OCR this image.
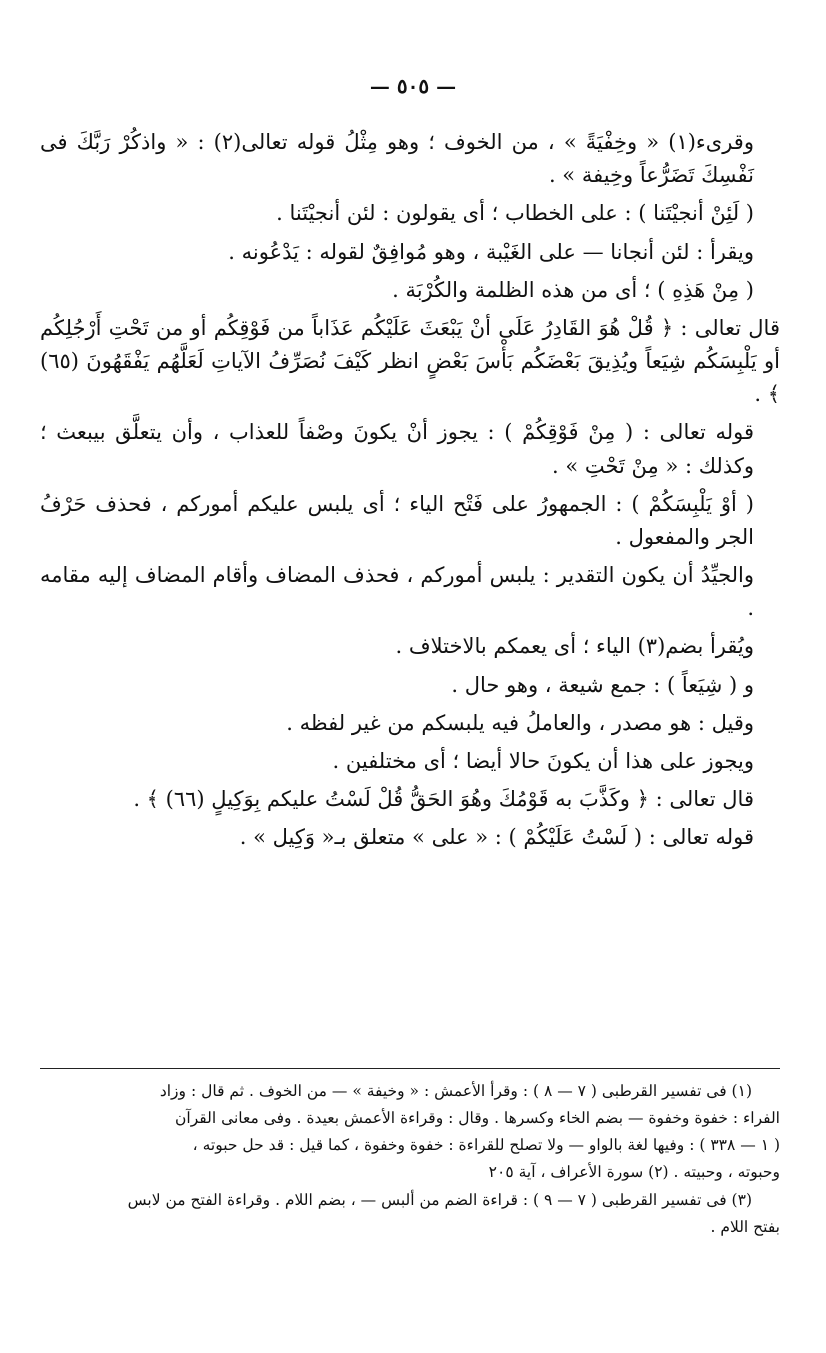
— ٥٠٥ —

وقرىء(١) « وخِفْيَةً » ، من الخوف ؛ وهو مِثْلُ قوله تعالى(٢) : « واذكُرْ رَبَّكَ فى نَفْسِكَ تَضَرُّعاً وخِيفة » .

( لَئِنْ أنجيْتَنا ) : على الخطاب ؛ أى يقولون : لئن أنجيْتَنا .

ويقرأ : لئن أنجانا — على الغَيْبة ، وهو مُوافِقٌ لقوله : يَدْعُونه .

( مِنْ هَذِهِ ) ؛ أى من هذه الظلمة والكُرْبَة .

قال تعالى : ﴿ قُلْ هُوَ القَادِرُ عَلَى أنْ يَبْعَثَ عَلَيْكُم عَذَاباً من فَوْقِكُم أو من تَحْتِ أَرْجُلِكُم أو يَلْبِسَكُم شِيَعاً ويُذِيقَ بَعْضَكُم بَأْسَ بَعْضٍ انظر كَيْفَ نُصَرِّفُ الآياتِ لَعَلَّهُم يَفْقَهُونَ (٦٥) ﴾ .

قوله تعالى : ( مِنْ فَوْقِكُمْ ) : يجوز أنْ يكونَ وصْفاً للعذاب ، وأن يتعلَّق بيبعث ؛ وكذلك : « مِنْ تَحْتِ » .

( أوْ يَلْبِسَكُمْ ) : الجمهورُ على فَتْح الياء ؛ أى يلبس عليكم أموركم ، فحذف حَرْفُ الجر والمفعول .

والجيِّدُ أن يكون التقدير : يلبس أموركم ، فحذف المضاف وأقام المضاف إليه مقامه .

ويُقرأ بضم(٣) الياء ؛ أى يعمكم بالاختلاف .

و ( شِيَعاً ) : جمع شيعة ، وهو حال .

وقيل : هو مصدر ، والعاملُ فيه يلبسكم من غير لفظه .

ويجوز على هذا أن يكونَ حالا أيضا ؛ أى مختلفين .

قال تعالى : ﴿ وكَذَّبَ به قَوْمُكَ وهُوَ الحَقُّ قُلْ لَسْتُ عليكم بِوَكِيلٍ (٦٦) ﴾ .

قوله تعالى : ( لَسْتُ عَلَيْكُمْ ) : « على » متعلق بـ« وَكِيل » .

(١) فى تفسير القرطبى ( ٧ — ٨ ) : وقرأ الأعمش : « وخيفة » — من الخوف . ثم قال : وزاد

الفراء : خفوة وخفوة — بضم الخاء وكسرها . وقال : وقراءة الأعمش بعيدة . وفى معانى القرآن

( ١ — ٣٣٨ ) : وفيها لغة بالواو — ولا تصلح للقراءة : خفوة وخفوة ، كما قيل : قد حل حبوته ،

وحبوته ، وحبيته . (٢) سورة الأعراف ، آية ٢٠٥

(٣) فى تفسير القرطبى ( ٧ — ٩ ) : قراءة الضم من ألبس — ، بضم اللام . وقراءة الفتح من لابس

بفتح اللام .
